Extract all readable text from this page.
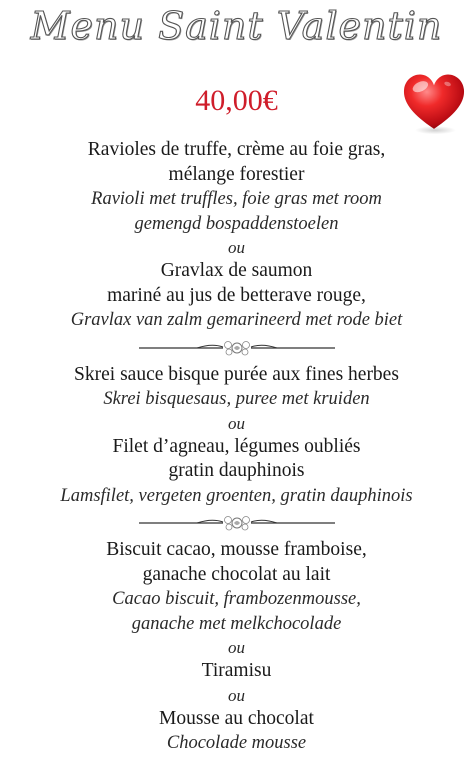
Menu Saint Valentin
40,00€
Ravioles de truffe, crème au foie gras,
mélange forestier
Ravioli met truffles, foie gras met room
gemengd bospaddenstoelen
ou
Gravlax de saumon
mariné au jus de betterave rouge,
Gravlax van zalm gemarineerd met rode biet
Skrei sauce bisque purée aux fines herbes
Skrei bisquesaus, puree met kruiden
ou
Filet d’agneau, légumes oubliés
gratin dauphinois
Lamsfilet, vergeten groenten, gratin dauphinois
Biscuit cacao, mousse framboise,
ganache chocolat au lait
Cacao biscuit, frambozenmousse,
ganache met melkchocolade
ou
Tiramisu
ou
Mousse au chocolat
Chocolade mousse
